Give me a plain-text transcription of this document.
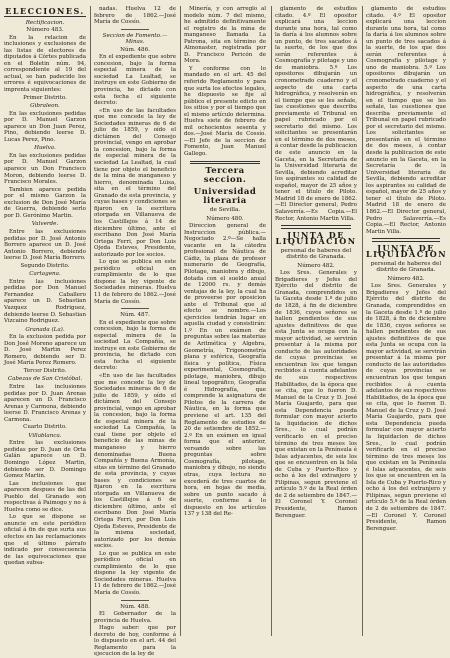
ELECCIONES.
Rectificacion.
Número 483.

En la relacion de inclusiones y exclusiones de las listas de electores de diputados á Córtes publicada en el Boletin núm. 94, correspondiente al 19 del actual, se han padecido los errores é equivocaciones de imprenta siguientes:

Primer Distrito.
Gibraleon.

En las exclusiones pedidas por D. Manuel Garzon aparece un Don Juan Perez, Pino, debiendo leerse D. Lucas Perez, Pino.

Huelva.

En las exclusiones pedidas por D. Manuel Garzon aparece un Don Francisco Moron, debiendo leerse D. Francisco Morales.

Tambien aparece pedida por el mismo Garzon la exclusion de Don José María de Guerra, debiendo serlo por D. Gerónimo Martin.

Valverde.

Entre las exclusiones pedidas por D. José Antonio Borrero aparece un D. José Antonio Borrero, debiendo leerse D. José María Borrero.

Segundo Distrito.
Cartagena.

Entre las inclusiones pedidas por Don Manuel Fernandez Caballero aparece un D. Sebastian Vazquez Rodriguez, debiendo leerse D. Sebastian Vizcaino Rodriguez.

Granada (La).

En la exclusion pedida por Don José Moreno aparece un D. José Martin Perez Romero, debiendo ser D. José María Perez Romero.

Tercer Distrito.
Cabezas de San Cristóbal.

Entre las inclusiones pedidas por D. Juan Arenas aparecen un D. Francisco Arenas y Carmona, debiendo leerse D. Francisco Arenas y Carmona.

Cuarto Distrito.
Villablanca.

Entre las exclusiones pedidas por D. Juan de Orta Galán aparece un D. Domingo López Martin, debiendo ser D. Domingo Gomez Martin.

Las inclusiones que aparecen despues de las del Pueblo del Granado son respectivas á Paimogo y no á Huelva como se dice.

Lo que se dispone se anuncie en este periódico oficial á fin de que surta sus efectos en las reclamaciones que el último párrafo indicado por consecuencia de las equivocaciones que quedan subsa-

nadas. Huelva 12 de febrero de 1862.—José María de Cossío.

Seccion de Fomento.—Minas.
Núm. 486.

En el expediente que sobre concesion, bajo la forma especial minera de la sociedad La Lealtad, se instruye en este Gobierno de provincia, he dictado con esta fecha el siguiente decreto:

«En uso de las facultades que me concede la ley de Sociedades mineras de 6 de julio de 1859, y oído el dictámen del Consejo provincial, vengo en aprobar la concesion, bajo la forma de especial minera de la sociedad La Lealtad, la cual tiene por objeto el beneficio de la mina de manganeso y hierro, denominada Luisa, sita en el término del Granado de esta provincia, y cuyas bases y condiciones se fijaron en la escritura otorgada en Villanueva de los Castillejos á 14 de diciembre último, ante el escribano Don José María Ortega Ferri, por Don Luis Ojeda Esteves, Presidente, autorizado por los socios.

Lo que se publica en este periódico oficial en cumplimiento de lo que dispone la ley vigente de Sociedades mineras. Huelva 11 de febrero de 1862.—José María de Cossío.

Núm. 487.

En el expediente que sobre concesion, bajo la forma de especial minera de la sociedad La Compañía, se instruye en este Gobierno de provincia, he dictado con esta fecha el siguiente decreto:

«En uso de las facultades que me concede la ley de Sociedades mineras de 6 de julio de 1859, y oído el dictámen del Consejo provincial, vengo en aprobar la concesion, bajo la forma de especial minera de la sociedad La Compañía, la cual tiene por objeto el beneficio de las minas de manganeso y hierro denominadas Buena Compañía y Buena Armonía, sitas en término del Granado de esta provincia, y cuyas bases y condiciones se fijaron en la escritura otorgada en Villanueva de los Castillejos á 6 de diciembre último, ante el escribano Don José María Ortega Ferri, por Don Luis Ojeda Esteves, Presidente de la misma sociedad, autorizado por los demás socios.

Lo que se publica en este periódico oficial en cumplimiento de lo que dispone la ley vigente de Sociedades mineras. Huelva 11 de febrero de 1862.—José María de Cossío.

Núm. 488.

El Gobernador de la provincia de Huelva.

Hago saber: que por decreto de hoy, conforme á lo dispuesto en el art. 44 del Reglamento para la ejecucion de la ley de

Minería, y con arreglo al modelo núm. 7 del mismo, he admitido definitivamente el registro de la mina de manganeso llamada La Patrona, sita en término de Almonaster, registrada por D. Francisco Pericón de Mora.

Y conforme con lo mandado en el art. 45 del referido Reglamento y para que surta los efectos legales, he dispuesto se fije al público el presente edicto en los sitios y por el tiempo que el mismo artículo determina. Huelva siete de febrero de mil ochocientos sesenta y dos.—José María de Cossío.—El Jefe de la seccion de Fomento, Juan Manuel Gallego.

Tercera seccion.
Universidad literaria
de Sevilla.
Número 480.

Direccion general de Instruccion pública.—Negociado 2.º—Se halla vacante en la cátedra profesional de Náutica de Cádiz, la plaza de profesor numerario de Geografía, Pilotage, maniobra y dibujo, dotada con el sueldo anual de 12000 rs. y demás ventajas de la ley, la cual ha de proveerse por oposicion ante el Tribunal que al efecto se nombre.—Los ejercicios tendrán lugar en aquella ciudad y consistirán: 1.º En un exámen de preguntas sobre las materias de Aritmética y Algebra, Geometría, Trigonometría plana y esférica, Geografía física y política, Física experimental, Cosmografía, pilotage, maniobra, dibujo lineal topográfico, Geografía é Hidrografía, que comprende la asignatura de Pilotos de la carrera de Náutica, en la forma que previene el art. 135 del Reglamento de estudios de 20 de setiembre de 1852.—2.º En un exámen en igual forma que el anterior, versando sobre las preguntas sobre Cosmografía, pilotage, maniobra y dibujo, no siendo otras, cuya lectura no excederá de tres cuartos de hora, en hojas de media, sobre un punto sacado á suerte, conforme á lo dispuesto en los artículos 137 y 138 del Re-

glamento de estudios citado. 4.º El opositor explicará una leccion durante una hora, tal como la daría á los alumnos sobre un punto, de tres sacados á la suerte, de los que dos serán referentes á Cosmografía y pilotage y uno de maniobra. 5.º Los opositores dibujarán un cronometrado cuaderno y el aspecto de una carta hidrográfica, y resolverán en el tiempo que se les señale, las cuestiones que describa previamente el Tribunal en papel rubricado por el secretario del mismo. Los solicitantes se presentarán en el término de dos meses, á contar desde la publicacion de este anuncio en la Gaceta, en la Secretaría de la Universidad literaria de Sevilla, debiendo acreditar los aspirantes su calidad de español, mayor de 25 años y tener el título de Piloto. Madrid 18 de enero de 1862.—El Director general, Pedro Salaverría.—Es Copia.—El Rector, Antonio Martin Villa.

JUNTA DE LIQUIDACION
personal de haberes del distrito de Granada.
Número 482.

Los Sres. Generales y Brigadieres y Jefes del Ejército del distrito de Granada, comprendidos en la Gaceta desde 1.º de julio de 1828, á fin de diciembre de 1836, cuyos señores se hallen pendientes de sus ajustes definitivos de que esta Junta se ocupa con la mayor actividad, se servirán presentar á la misma por conducto de las autoridades de cuyas provincias se encuentran los que tengan recibidos á cuenta adelantos de sus respectivos Habilitados, de la época que se cita, que lo fueron D. Manuel de la Cruz y D. José María Guajardo, para que esta Dependencia pueda formular con mayor acierto la liquidacion de dichos Sres., lo cual podrán verificarlo en el preciso término de tres meses los que existan en la Península é Islas adyacentes, de seis los que se encuentren en la Isla de Cuba y Puerto-Rico y ocho á los del extranjero y Filipinas, segun previene el artículo 5.º de la Real órden de 2 de setiembre de 1847.—El Coronel Y. Coronel Presidente, Ramon Berenguer.

glamento de estudios citado. 4.º El opositor explicará una leccion durante una hora, tal como la daría á los alumnos sobre un punto de tres sacados á la suerte, de los que dos serán referentes á Cosmografía y pilotage y uno de maniobra. 5.º Los opositores dibujarán un cronometrado cuaderno y el aspecto de una carta hidrográfica, y resolverán en el tiempo que se les señale, las cuestiones que describa previamente el Tribunal en papel rubricado por el secretario del mismo. Los solicitantes se presentarán en el término de dos meses, á contar desde la publicacion de este anuncio en la Gaceta, en la Secretaría de la Universidad literaria de Sevilla, debiendo acreditar los aspirantes su calidad de español, mayor de 25 años y tener el título de Piloto. Madrid 18 de enero de 1862.—El Director general, Pedro Salaverría.—Es Copia.—El Rector, Antonio Martin Villa.

JUNTA DE LIQUIDACION
personal de haberes del distrito de Granada.
Número 482.

Los Sres. Generales y Brigadieres y Jefes del Ejército del distrito de Granada, comprendidos en la Gaceta desde 1.º de julio de 1828, á fin de diciembre de 1836, cuyos señores se hallen pendientes de sus ajustes definitivos de que esta Junta se ocupa con la mayor actividad, se servirán presentar á la misma por conducto de las autoridades de cuyas provincias se encuentran los que tengan recibidos á cuenta adelantos de sus respectivos Habilitados, de la época que se cita, que lo fueron D. Manuel de la Cruz y D. José María Guajardo, para que esta Dependencia pueda formular con mayor acierto la liquidacion de dichos Sres., lo cual podrán verificarlo en el preciso término de tres meses los que existan en la Península é Islas adyacentes, de seis los que se encuentren en la Isla de Cuba y Puerto-Rico y ocho á los del extranjero y Filipinas, segun previene el artículo 5.º de la Real órden de 2 de setiembre de 1847.—El Coronel Y. Coronel Presidente, Ramon Berenguer.
